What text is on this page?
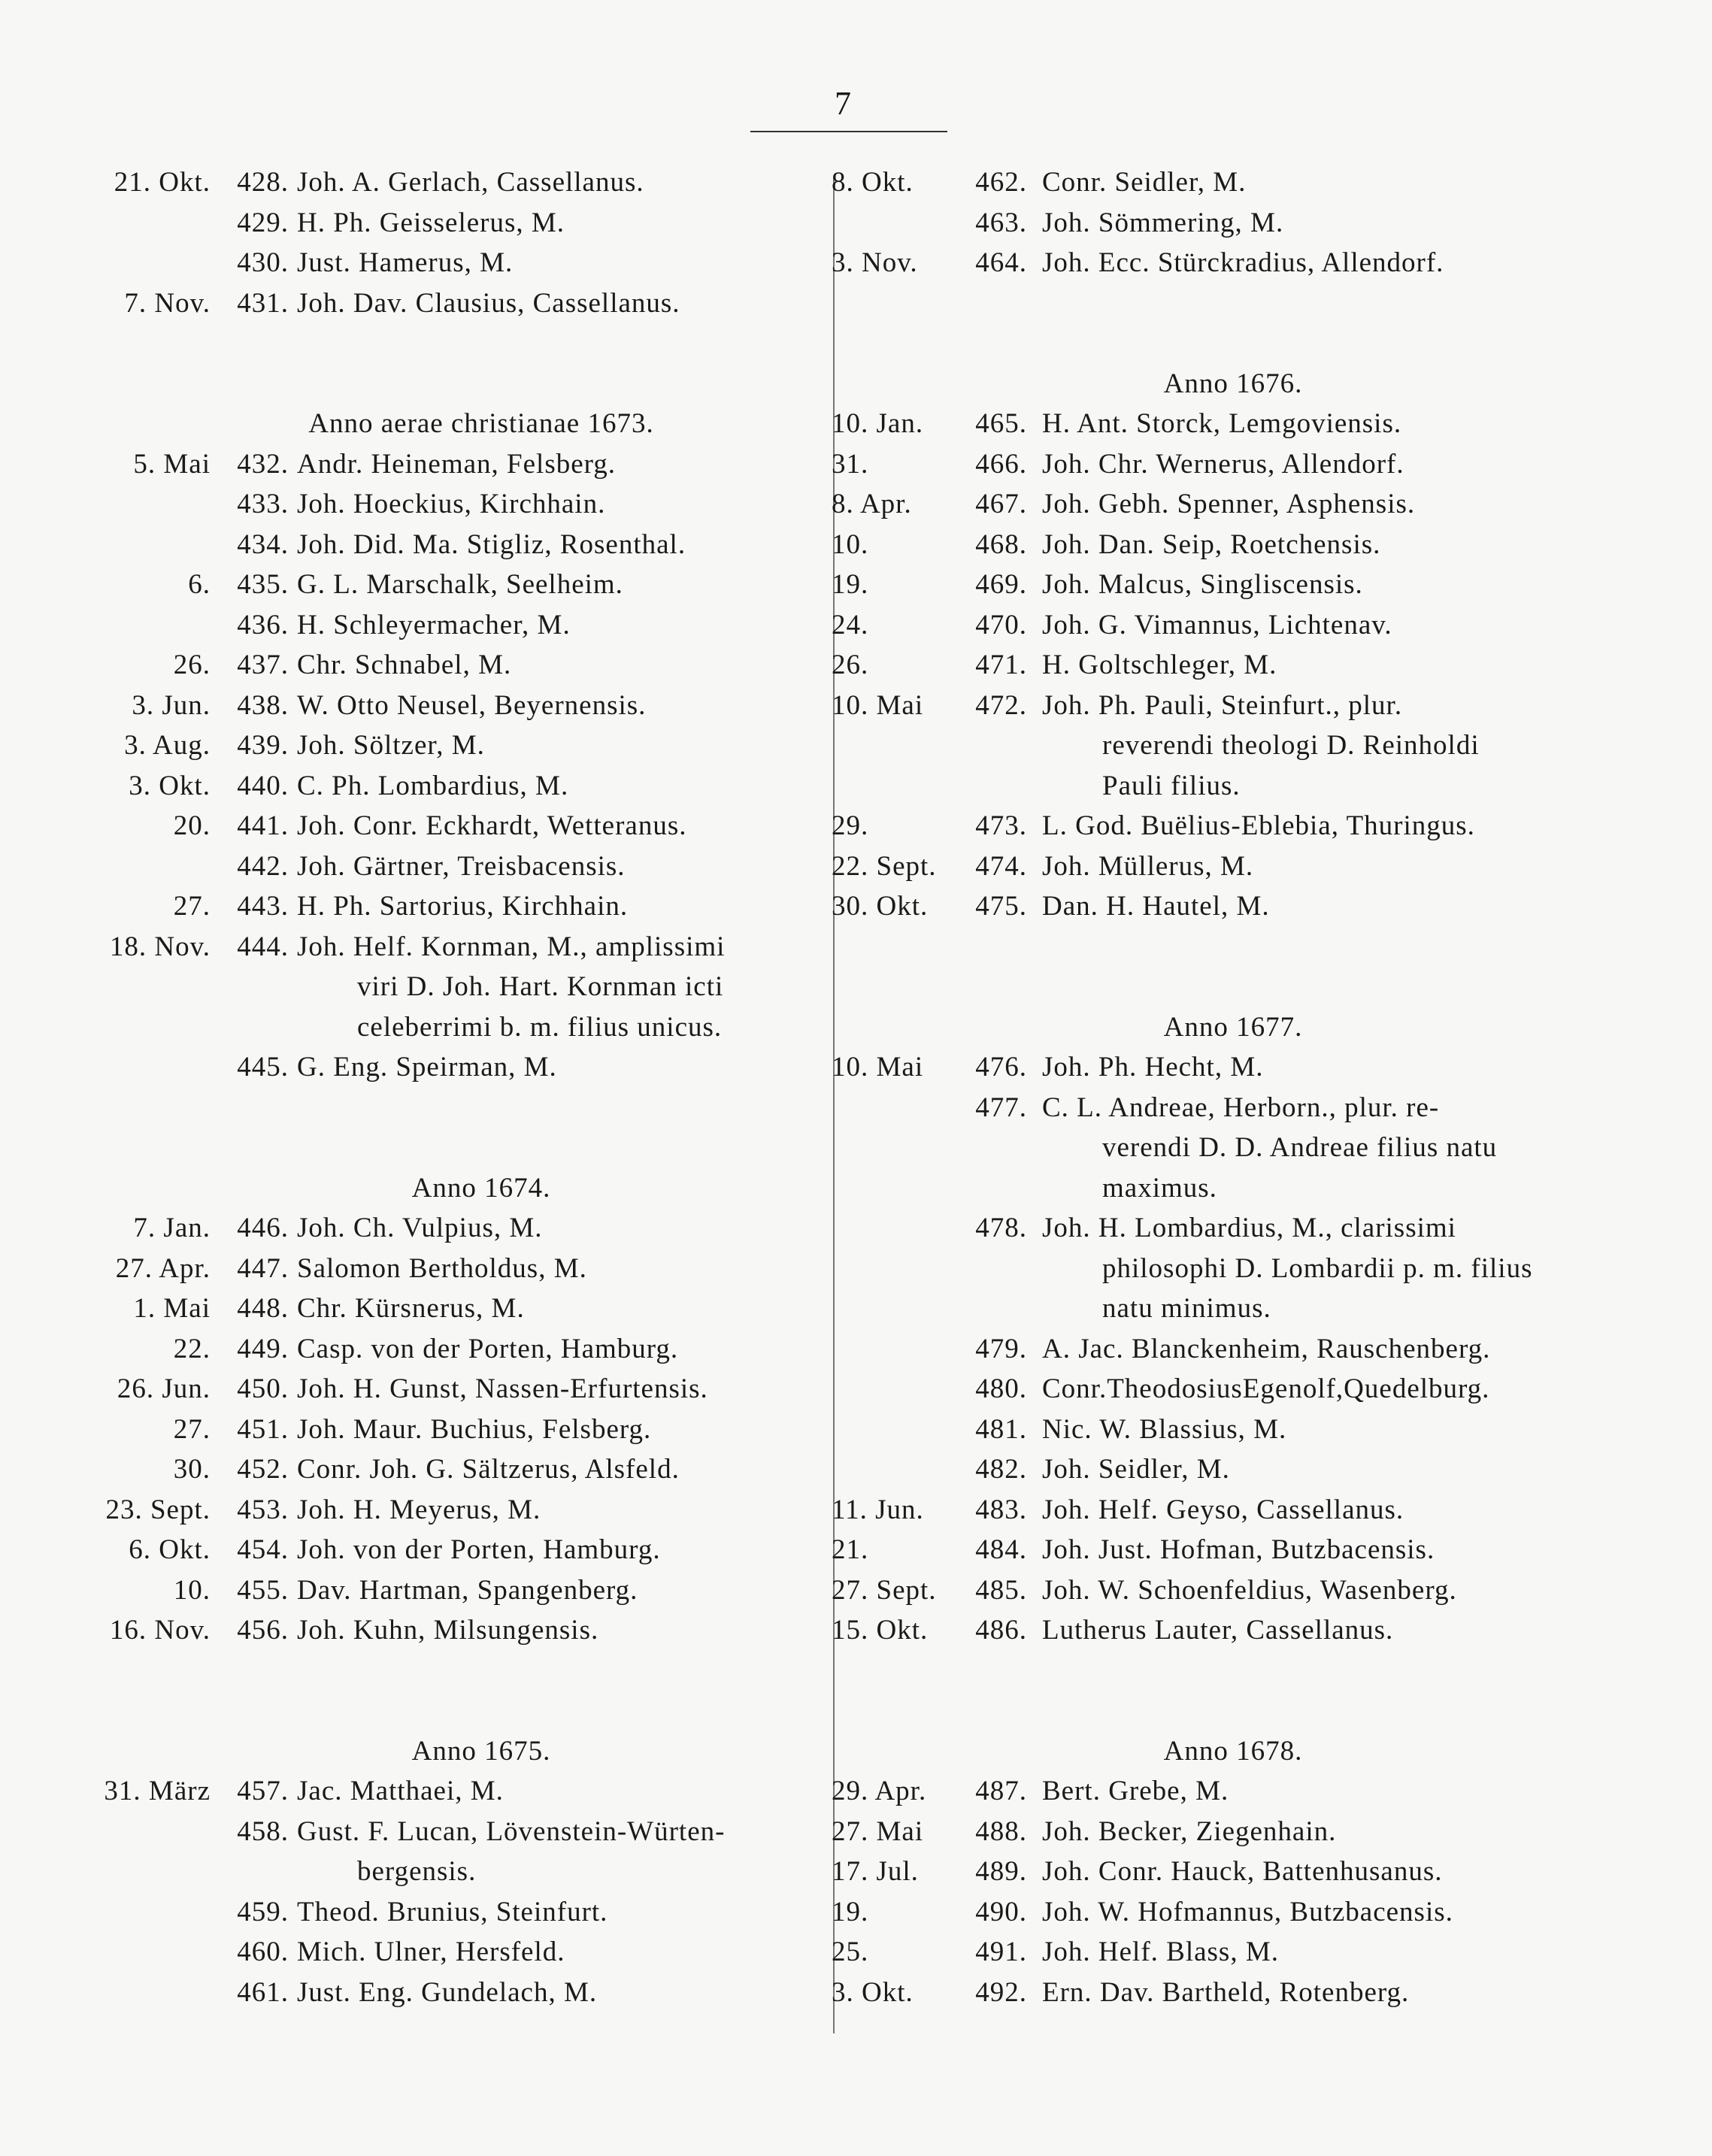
7
21. Okt. 428. Joh. A. Gerlach, Cassellanus.
429. H. Ph. Geisselerus, M.
430. Just. Hamerus, M.
7. Nov. 431. Joh. Dav. Clausius, Cassellanus.
Anno aerae christianae 1673.
5. Mai 432. Andr. Heineman, Felsberg.
433. Joh. Hoeckius, Kirchhain.
434. Joh. Did. Ma. Stigliz, Rosenthal.
6. 435. G. L. Marschalk, Seelheim.
436. H. Schleyermacher, M.
26. 437. Chr. Schnabel, M.
3. Jun. 438. W. Otto Neusel, Beyernensis.
3. Aug. 439. Joh. Söltzer, M.
3. Okt. 440. C. Ph. Lombardius, M.
20. 441. Joh. Conr. Eckhardt, Wetteranus.
442. Joh. Gärtner, Treisbacensis.
27. 443. H. Ph. Sartorius, Kirchhain.
18. Nov. 444. Joh. Helf. Kornman, M., amplissimi
viri D. Joh. Hart. Kornman icti
celeberrimi b. m. filius unicus.
445. G. Eng. Speirman, M.
Anno 1674.
7. Jan. 446. Joh. Ch. Vulpius, M.
27. Apr. 447. Salomon Bertholdus, M.
1. Mai 448. Chr. Kürsnerus, M.
22. 449. Casp. von der Porten, Hamburg.
26. Jun. 450. Joh. H. Gunst, Nassen-Erfurtensis.
27. 451. Joh. Maur. Buchius, Felsberg.
30. 452. Conr. Joh. G. Sältzerus, Alsfeld.
23. Sept. 453. Joh. H. Meyerus, M.
6. Okt. 454. Joh. von der Porten, Hamburg.
10. 455. Dav. Hartman, Spangenberg.
16. Nov. 456. Joh. Kuhn, Milsungensis.
Anno 1675.
31. März 457. Jac. Matthaei, M.
458. Gust. F. Lucan, Lövenstein-Würten-
bergensis.
459. Theod. Brunius, Steinfurt.
460. Mich. Ulner, Hersfeld.
461. Just. Eng. Gundelach, M.
8. Okt.	462. Conr. Seidler, M.
463. Joh. Sömmering, M.
3. Nov.	464. Joh. Ecc. Stürckradius, Allendorf.
Anno 1676.
10. Jan.	465. H. Ant. Storck, Lemgoviensis.
31.	466. Joh. Chr. Wernerus, Allendorf.
8. Apr.	467. Joh. Gebh. Spenner, Asphensis.
10.	468. Joh. Dan. Seip, Roetchensis.
19.	469. Joh. Malcus, Singliscensis.
24.	470. Joh. G. Vimannus, Lichtenav.
26.	471. H. Goltschleger, M.
10. Mai	472. Joh. Ph. Pauli, Steinfurt., plur.
reverendi theologi D. Reinholdi
Pauli filius.
29.	473. L. God. Buëlius-Eblebia, Thuringus.
22. Sept.	474. Joh. Müllerus, M.
30. Okt.	475. Dan. H. Hautel, M.
Anno 1677.
10. Mai	476. Joh. Ph. Hecht, M.
477. C. L. Andreae, Herborn., plur. re-
verendi D. D. Andreae filius natu
maximus.
478. Joh. H. Lombardius, M., clarissimi
philosophi D. Lombardii p. m. filius
natu minimus.
479. A. Jac. Blanckenheim, Rauschenberg.
480. Conr.TheodosiusEgenolf,Quedelburg.
481. Nic. W. Blassius, M.
482. Joh. Seidler, M.
11. Jun.	483. Joh. Helf. Geyso, Cassellanus.
21.	484. Joh. Just. Hofman, Butzbacensis.
27. Sept.	485. Joh. W. Schoenfeldius, Wasenberg.
15. Okt.	486. Lutherus Lauter, Cassellanus.
Anno 1678.
29. Apr.	487. Bert. Grebe, M.
27. Mai	488. Joh. Becker, Ziegenhain.
17. Jul.	489. Joh. Conr. Hauck, Battenhusanus.
19.	490. Joh. W. Hofmannus, Butzbacensis.
25.	491. Joh. Helf. Blass, M.
3. Okt.	492. Ern. Dav. Bartheld, Rotenberg.
